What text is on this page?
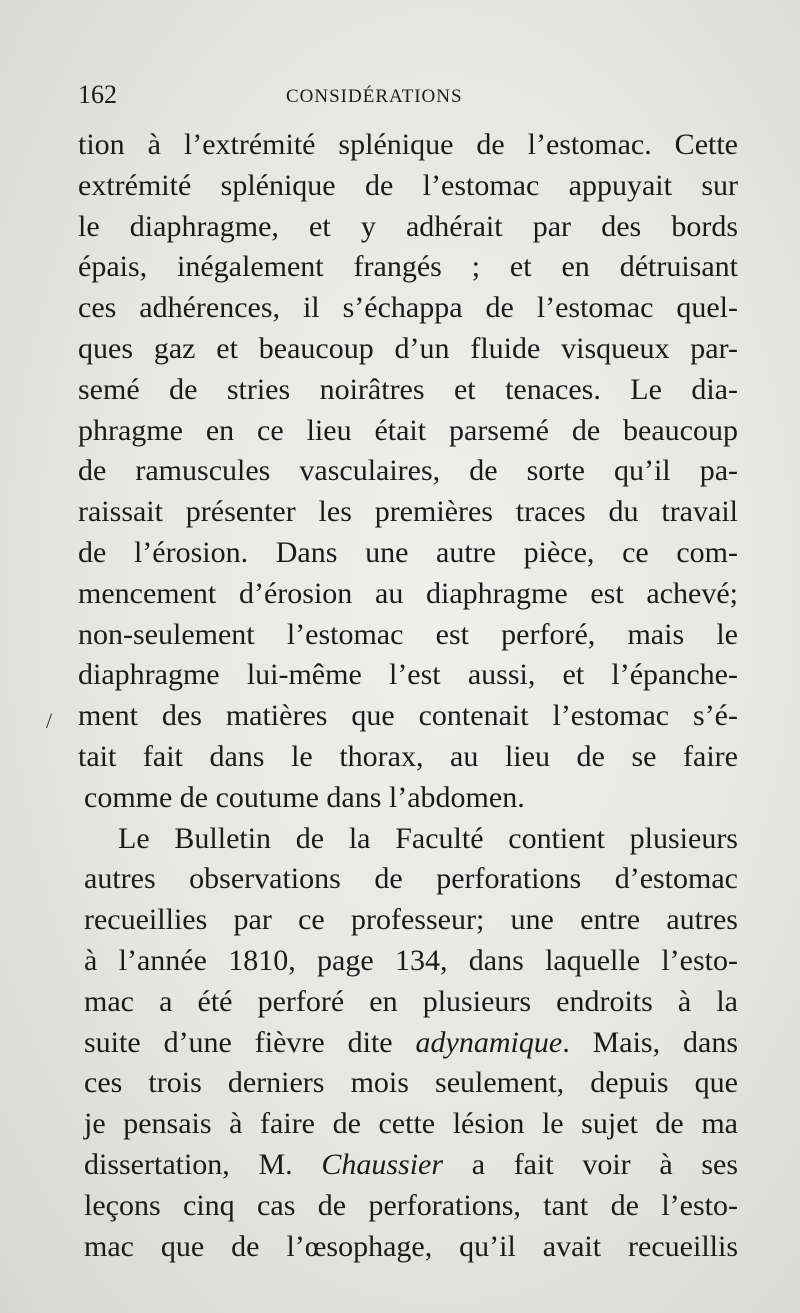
162	CONSIDÉRATIONS
/
tion à l’extrémité splénique de l’estomac. Cette
extrémité splénique de l’estomac appuyait sur
le diaphragme, et y adhérait par des bords
épais, inégalement frangés ; et en détruisant
ces adhérences, il s’échappa de l’estomac quel-
ques gaz et beaucoup d’un fluide visqueux par-
semé de stries noirâtres et tenaces. Le dia-
phragme en ce lieu était parsemé de beaucoup
de ramuscules vasculaires, de sorte qu’il pa-
raissait présenter les premières traces du travail
de l’érosion. Dans une autre pièce, ce com-
mencement d’érosion au diaphragme est achevé;
non-seulement l’estomac est perforé, mais le
diaphragme lui-même l’est aussi, et l’épanche-
ment des matières que contenait l’estomac s’é-
tait fait dans le thorax, au lieu de se faire
comme de coutume dans l’abdomen.
Le Bulletin de la Faculté contient plusieurs
autres observations de perforations d’estomac
recueillies par ce professeur; une entre autres
à l’année 1810, page 134, dans laquelle l’esto-
mac a été perforé en plusieurs endroits à la
suite d’une fièvre dite adynamique. Mais, dans
ces trois derniers mois seulement, depuis que
je pensais à faire de cette lésion le sujet de ma
dissertation, M. Chaussier a fait voir à ses
leçons cinq cas de perforations, tant de l’esto-
mac que de l’œsophage, qu’il avait recueillis
